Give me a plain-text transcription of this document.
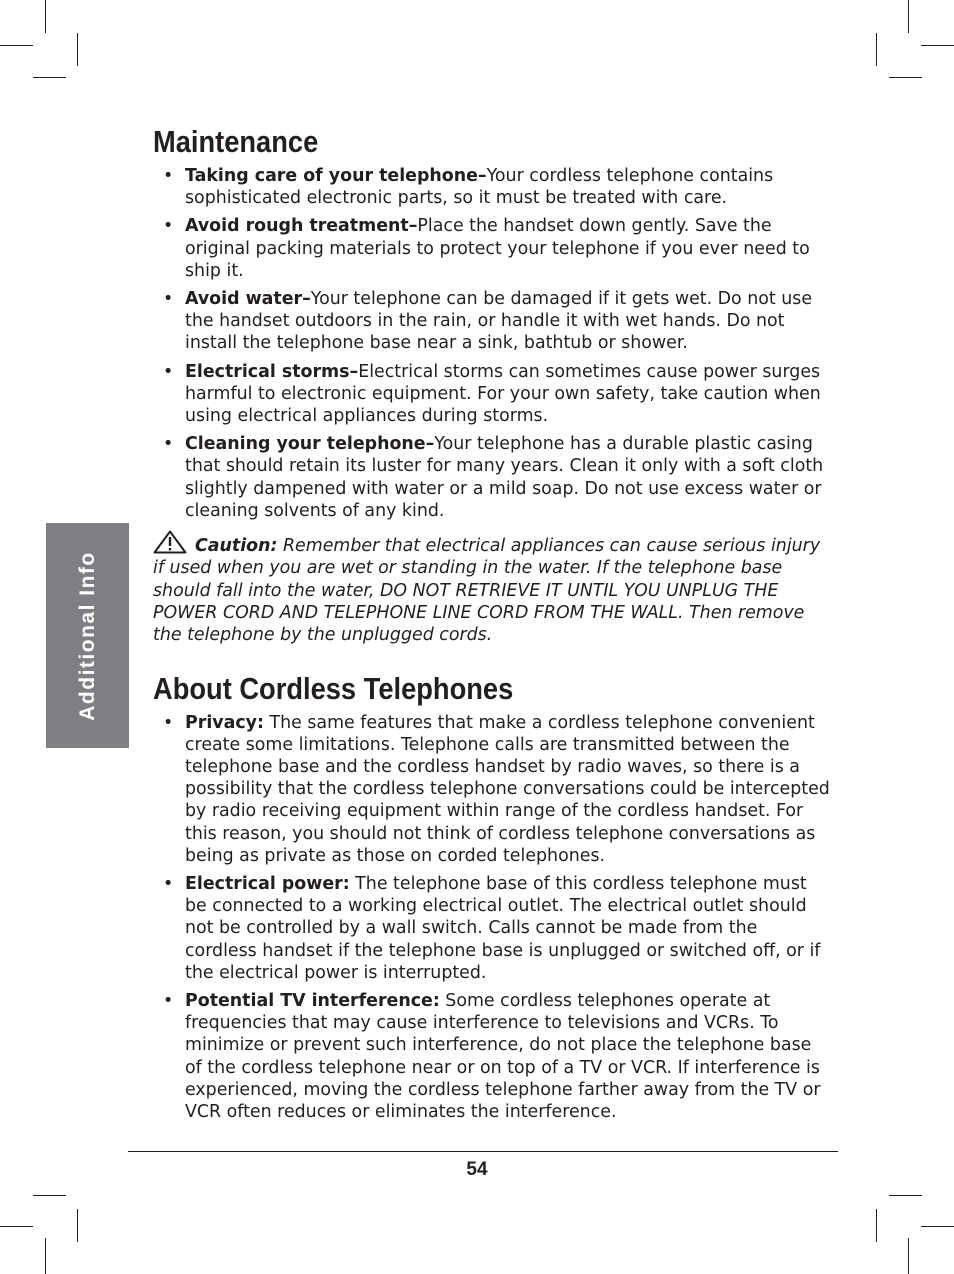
Additional Info
Maintenance
• Taking care of your telephone–Your cordless telephone contains sophisticated electronic parts, so it must be treated with care.
• Avoid rough treatment–Place the handset down gently. Save the original packing materials to protect your telephone if you ever need to ship it.
• Avoid water–Your telephone can be damaged if it gets wet. Do not use the handset outdoors in the rain, or handle it with wet hands. Do not install the telephone base near a sink, bathtub or shower.
• Electrical storms–Electrical storms can sometimes cause power surges harmful to electronic equipment. For your own safety, take caution when using electrical appliances during storms.
• Cleaning your telephone–Your telephone has a durable plastic casing that should retain its luster for many years. Clean it only with a soft cloth slightly dampened with water or a mild soap. Do not use excess water or cleaning solvents of any kind.
Caution: Remember that electrical appliances can cause serious injury if used when you are wet or standing in the water. If the telephone base should fall into the water, DO NOT RETRIEVE IT UNTIL YOU UNPLUG THE POWER CORD AND TELEPHONE LINE CORD FROM THE WALL. Then remove the telephone by the unplugged cords.
About Cordless Telephones
• Privacy: The same features that make a cordless telephone convenient create some limitations. Telephone calls are transmitted between the telephone base and the cordless handset by radio waves, so there is a possibility that the cordless telephone conversations could be intercepted by radio receiving equipment within range of the cordless handset. For this reason, you should not think of cordless telephone conversations as being as private as those on corded telephones.
• Electrical power: The telephone base of this cordless telephone must be connected to a working electrical outlet. The electrical outlet should not be controlled by a wall switch. Calls cannot be made from the cordless handset if the telephone base is unplugged or switched off, or if the electrical power is interrupted.
• Potential TV interference: Some cordless telephones operate at frequencies that may cause interference to televisions and VCRs. To minimize or prevent such interference, do not place the telephone base of the cordless telephone near or on top of a TV or VCR. If interference is experienced, moving the cordless telephone farther away from the TV or VCR often reduces or eliminates the interference.
54
